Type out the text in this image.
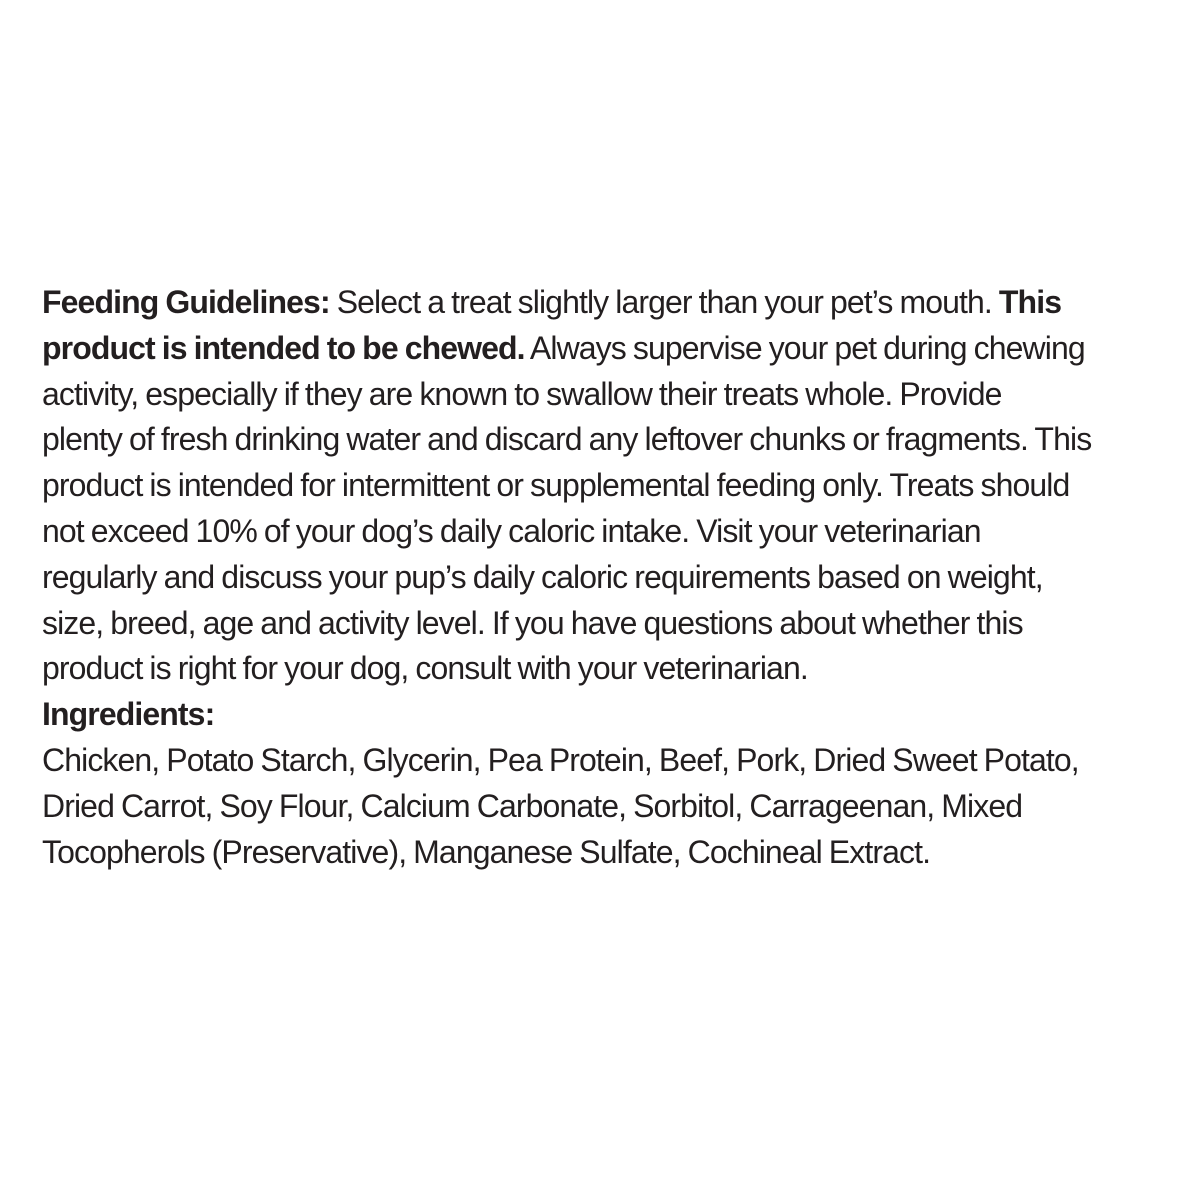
Feeding Guidelines: Select a treat slightly larger than your pet’s mouth. This
product is intended to be chewed. Always supervise your pet during chewing
activity, especially if they are known to swallow their treats whole. Provide
plenty of fresh drinking water and discard any leftover chunks or fragments. This
product is intended for intermittent or supplemental feeding only. Treats should
not exceed 10% of your dog’s daily caloric intake. Visit your veterinarian
regularly and discuss your pup’s daily caloric requirements based on weight,
size, breed, age and activity level. If you have questions about whether this
product is right for your dog, consult with your veterinarian.

Ingredients:

Chicken, Potato Starch, Glycerin, Pea Protein, Beef, Pork, Dried Sweet Potato,
Dried Carrot, Soy Flour, Calcium Carbonate, Sorbitol, Carrageenan, Mixed
Tocopherols (Preservative), Manganese Sulfate, Cochineal Extract.
